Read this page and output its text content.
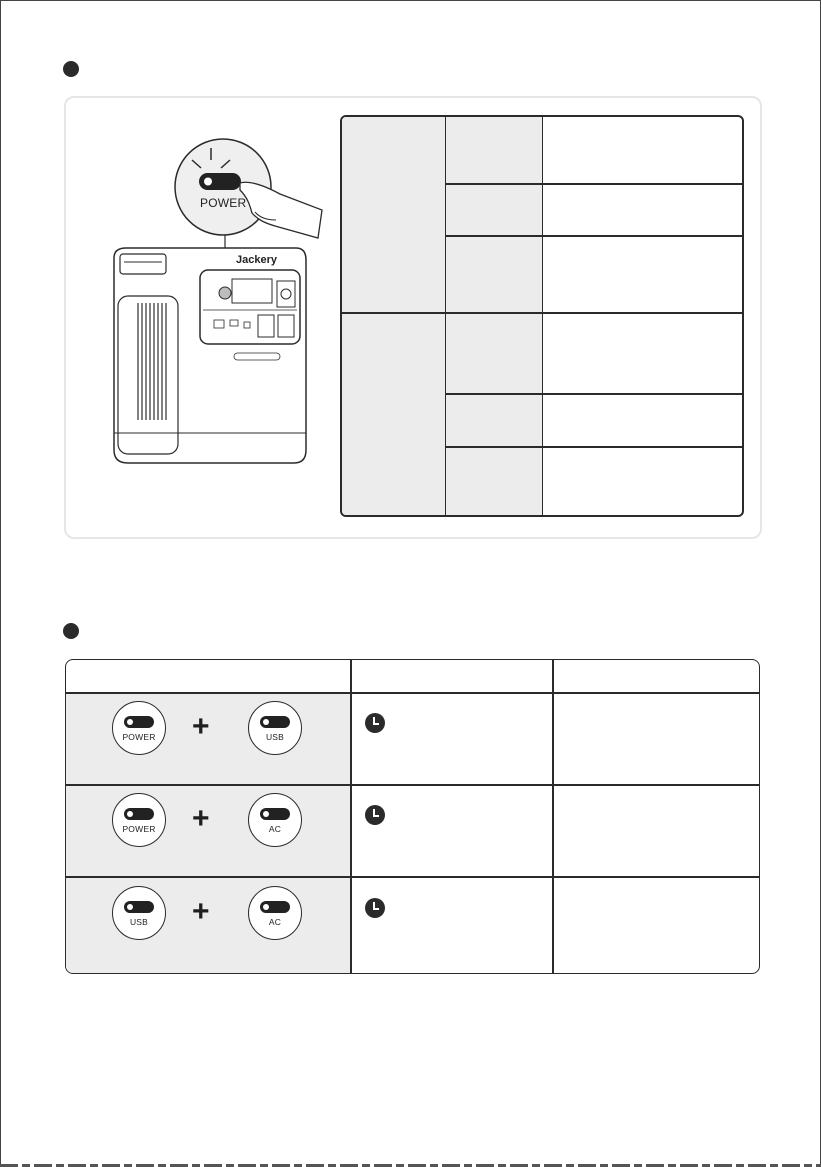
POWER
Jackery
POWER	+	USB
POWER	+	AC
USB	+	AC
